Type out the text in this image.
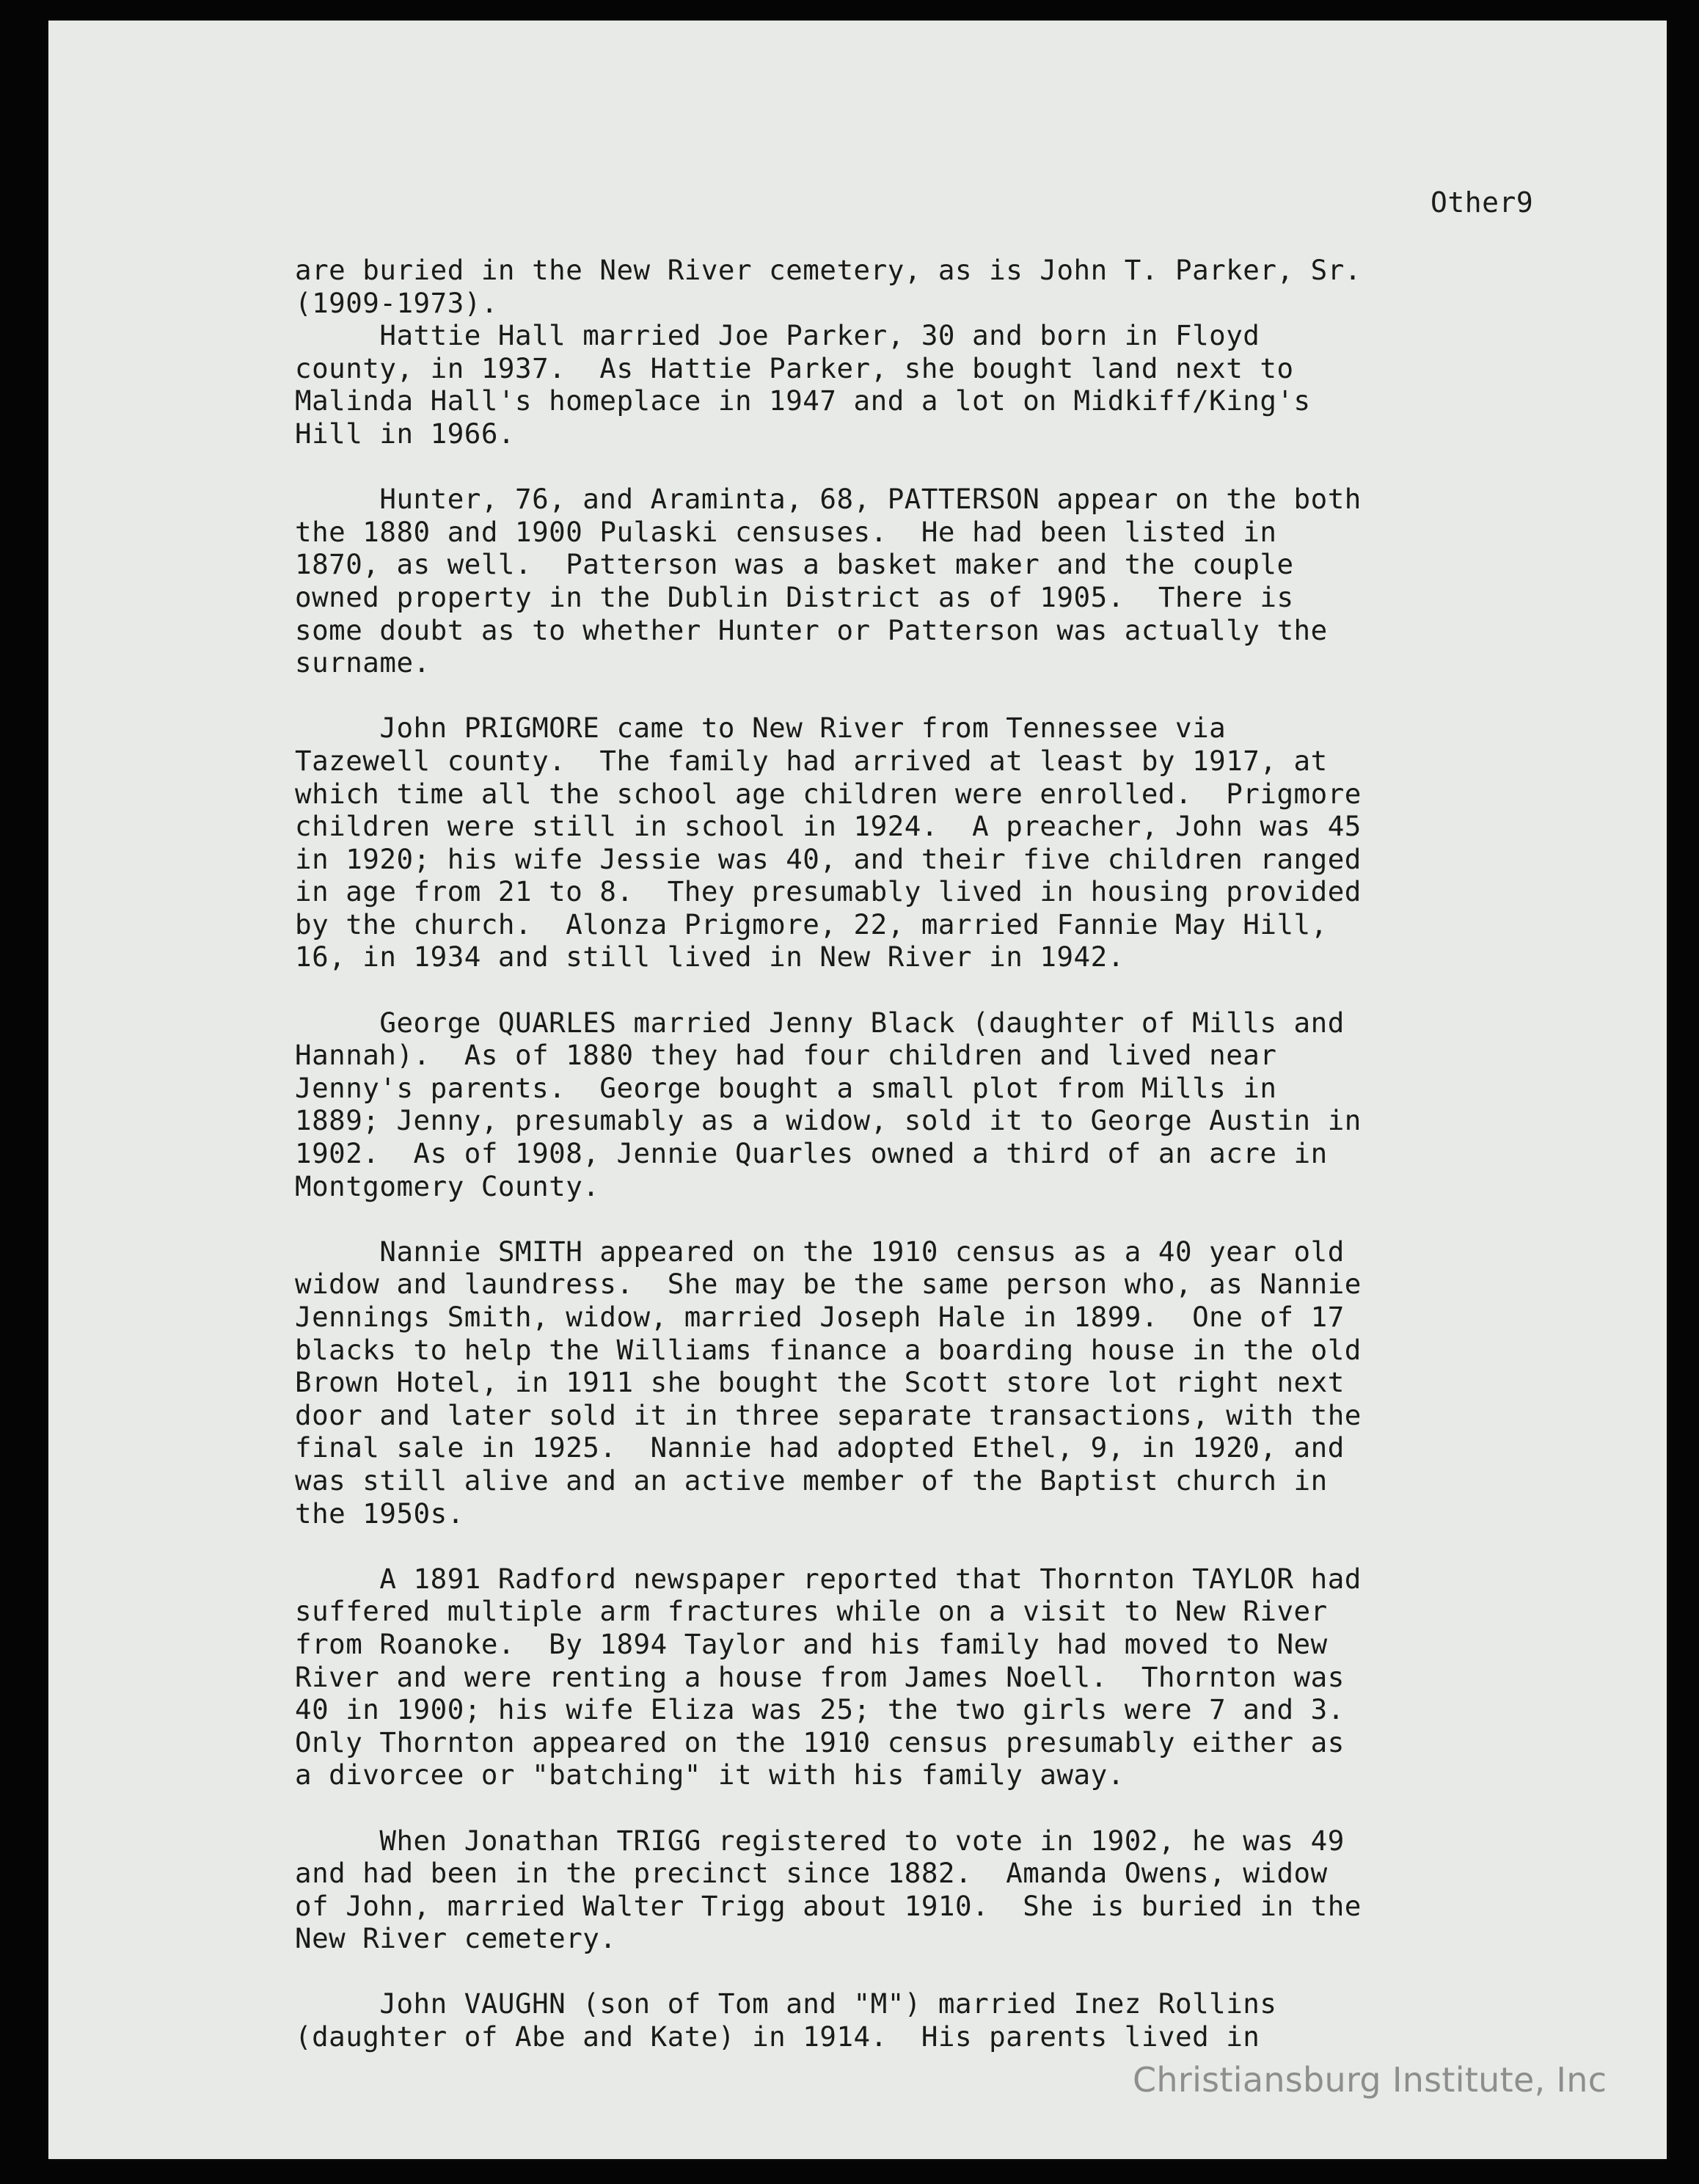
Other9
are buried in the New River cemetery, as is John T. Parker, Sr.
(1909-1973).
Hattie Hall married Joe Parker, 30 and born in Floyd
county, in 1937.  As Hattie Parker, she bought land next to
Malinda Hall's homeplace in 1947 and a lot on Midkiff/King's
Hill in 1966.
Hunter, 76, and Araminta, 68, PATTERSON appear on the both
the 1880 and 1900 Pulaski censuses.  He had been listed in
1870, as well.  Patterson was a basket maker and the couple
owned property in the Dublin District as of 1905.  There is
some doubt as to whether Hunter or Patterson was actually the
surname.
John PRIGMORE came to New River from Tennessee via
Tazewell county.  The family had arrived at least by 1917, at
which time all the school age children were enrolled.  Prigmore
children were still in school in 1924.  A preacher, John was 45
in 1920; his wife Jessie was 40, and their five children ranged
in age from 21 to 8.  They presumably lived in housing provided
by the church.  Alonza Prigmore, 22, married Fannie May Hill,
16, in 1934 and still lived in New River in 1942.
George QUARLES married Jenny Black (daughter of Mills and
Hannah).  As of 1880 they had four children and lived near
Jenny's parents.  George bought a small plot from Mills in
1889; Jenny, presumably as a widow, sold it to George Austin in
1902.  As of 1908, Jennie Quarles owned a third of an acre in
Montgomery County.
Nannie SMITH appeared on the 1910 census as a 40 year old
widow and laundress.  She may be the same person who, as Nannie
Jennings Smith, widow, married Joseph Hale in 1899.  One of 17
blacks to help the Williams finance a boarding house in the old
Brown Hotel, in 1911 she bought the Scott store lot right next
door and later sold it in three separate transactions, with the
final sale in 1925.  Nannie had adopted Ethel, 9, in 1920, and
was still alive and an active member of the Baptist church in
the 1950s.
A 1891 Radford newspaper reported that Thornton TAYLOR had
suffered multiple arm fractures while on a visit to New River
from Roanoke.  By 1894 Taylor and his family had moved to New
River and were renting a house from James Noell.  Thornton was
40 in 1900; his wife Eliza was 25; the two girls were 7 and 3.
Only Thornton appeared on the 1910 census presumably either as
a divorcee or "batching" it with his family away.
When Jonathan TRIGG registered to vote in 1902, he was 49
and had been in the precinct since 1882.  Amanda Owens, widow
of John, married Walter Trigg about 1910.  She is buried in the
New River cemetery.
John VAUGHN (son of Tom and "M") married Inez Rollins
(daughter of Abe and Kate) in 1914.  His parents lived in
Christiansburg Institute, Inc
